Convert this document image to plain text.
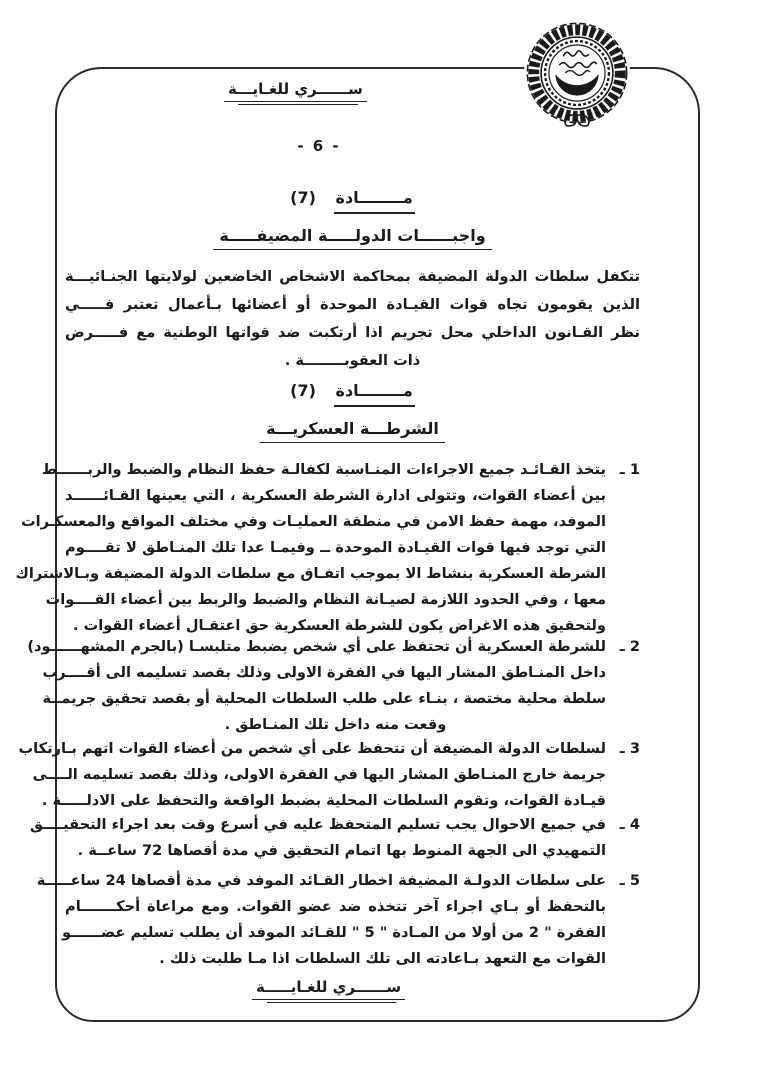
ســــــري للغـايـــة
- 6 -
مــــــــادة (7)
واجبــــــات الدولـــــة المضيفـــــة
تتكفل سلطات الدولة المضيفة بمحاكمة الاشخاص الخاضعين لولايتها الجنـائيـــة
الذين يقومون تجاه قوات القيـادة الموحدة أو أعضائها بـأعمال تعتبر فـــــي
نظر القـانون الداخلي محل تجريم اذا أرتكبت ضد قواتها الوطنية مع فـــــرض
ذات العقوبــــــــة .
مــــــــادة (7)
الشرطـــة العسكريـــة
1 ـ
يتخذ القـائـد جميع الاجراءات المنـاسبة لكفالـة حفظ النظام والضبط والربــــــط
بين أعضاء القوات، وتتولى ادارة الشرطة العسكرية ، التي يعينها القـائــــــد
الموفد، مهمة حفظ الامن في منطقة العمليـات وفي مختلف المواقع والمعسكـرات
التي توجد فيها قوات القيـادة الموحدة ــ وفيمـا عدا تلك المنـاطق لا تقــــوم
الشرطة العسكرية بنشاط الا بموجب اتفـاق مع سلطات الدولة المضيفة وبـالاشتراك
معها ، وفي الحدود اللازمة لصيـانة النظام والضبط والربط بين أعضاء القــــوات
ولتحقيق هذه الاغراض يكون للشرطة العسكرية حق اعتقـال أعضاء القوات .
2 ـ
للشرطة العسكرية أن تحتفظ على أي شخص يضبط متلبسـا (بالجرم المشهــــــود)
داخل المنـاطق المشار اليها في الفقرة الاولى وذلك بقصد تسليمه الى أقــــرب
سلطة محلية مختصة ، بنـاء على طلب السلطات المحلية أو بقصد تحقيق جريمــة
وقعت منه داخل تلك المنـاطق .
3 ـ
لسلطات الدولة المضيفة أن تتحفظ على أي شخص من أعضاء القوات اتهم بـارتكاب
جريمة خارج المنـاطق المشار اليها في الفقرة الاولى، وذلك بقصد تسليمه الــــى
قيـادة القوات، وتقوم السلطات المحلية بضبط الواقعة والتحفظ على الادلـــــة .
4 ـ
في جميع الاحوال يجب تسليم المتحفظ عليه في أسرع وقت بعد اجراء التحقيــــق
التمهيدي الى الجهة المنوط بها اتمام التحقيق في مدة أقصاها 72 ساعــة .
5 ـ
على سلطات الدولـة المضيفة اخطار القـائد الموفد في مدة أقصاها 24 ساعـــــة
بالتحفظ أو بـاي اجراء آخر تتخذه ضد عضو القوات. ومع مراعاة أحكـــــــام
الفقرة " 2 من أولا من المـادة " 5 " للقـائد الموفد أن يطلب تسليم عضــــــو
القوات مع التعهد بـاعادته الى تلك السلطات اذا مـا طلبت ذلك .
ســــــري للغـايـــــة
